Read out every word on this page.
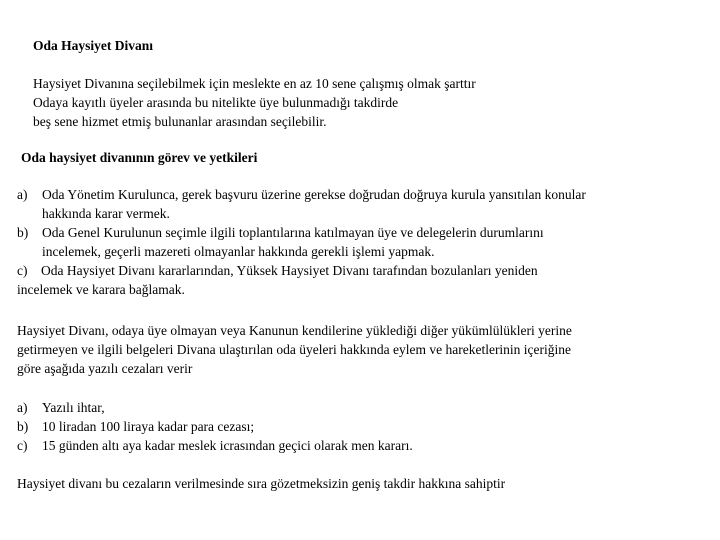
Oda Haysiyet Divanı
Haysiyet Divanına seçilebilmek için meslekte en az 10 sene çalışmış olmak şarttır
Odaya kayıtlı üyeler arasında bu nitelikte üye bulunmadığı takdirde
beş sene hizmet etmiş bulunanlar arasından seçilebilir.
Oda haysiyet divanının görev ve yetkileri
a)	Oda Yönetim Kurulunca, gerek başvuru üzerine gerekse doğrudan doğruya kurula yansıtılan konular
hakkında karar vermek.
b)	Oda Genel Kurulunun seçimle ilgili toplantılarına katılmayan üye ve delegelerin durumlarını
incelemek, geçerli mazereti olmayanlar hakkında gerekli işlemi yapmak.
c) Oda Haysiyet Divanı kararlarından, Yüksek Haysiyet Divanı tarafından bozulanları yeniden
incelemek ve karara bağlamak.
Haysiyet Divanı, odaya üye olmayan veya Kanunun kendilerine yüklediği diğer yükümlülükleri yerine
getirmeyen ve ilgili belgeleri Divana ulaştırılan oda üyeleri hakkında eylem ve hareketlerinin içeriğine
göre aşağıda yazılı cezaları verir
a)	Yazılı ihtar,
b)	10 liradan 100 liraya kadar para cezası;
c)	15 günden altı aya kadar meslek icrasından geçici olarak men kararı.
Haysiyet divanı bu cezaların verilmesinde sıra gözetmeksizin geniş takdir hakkına sahiptir
